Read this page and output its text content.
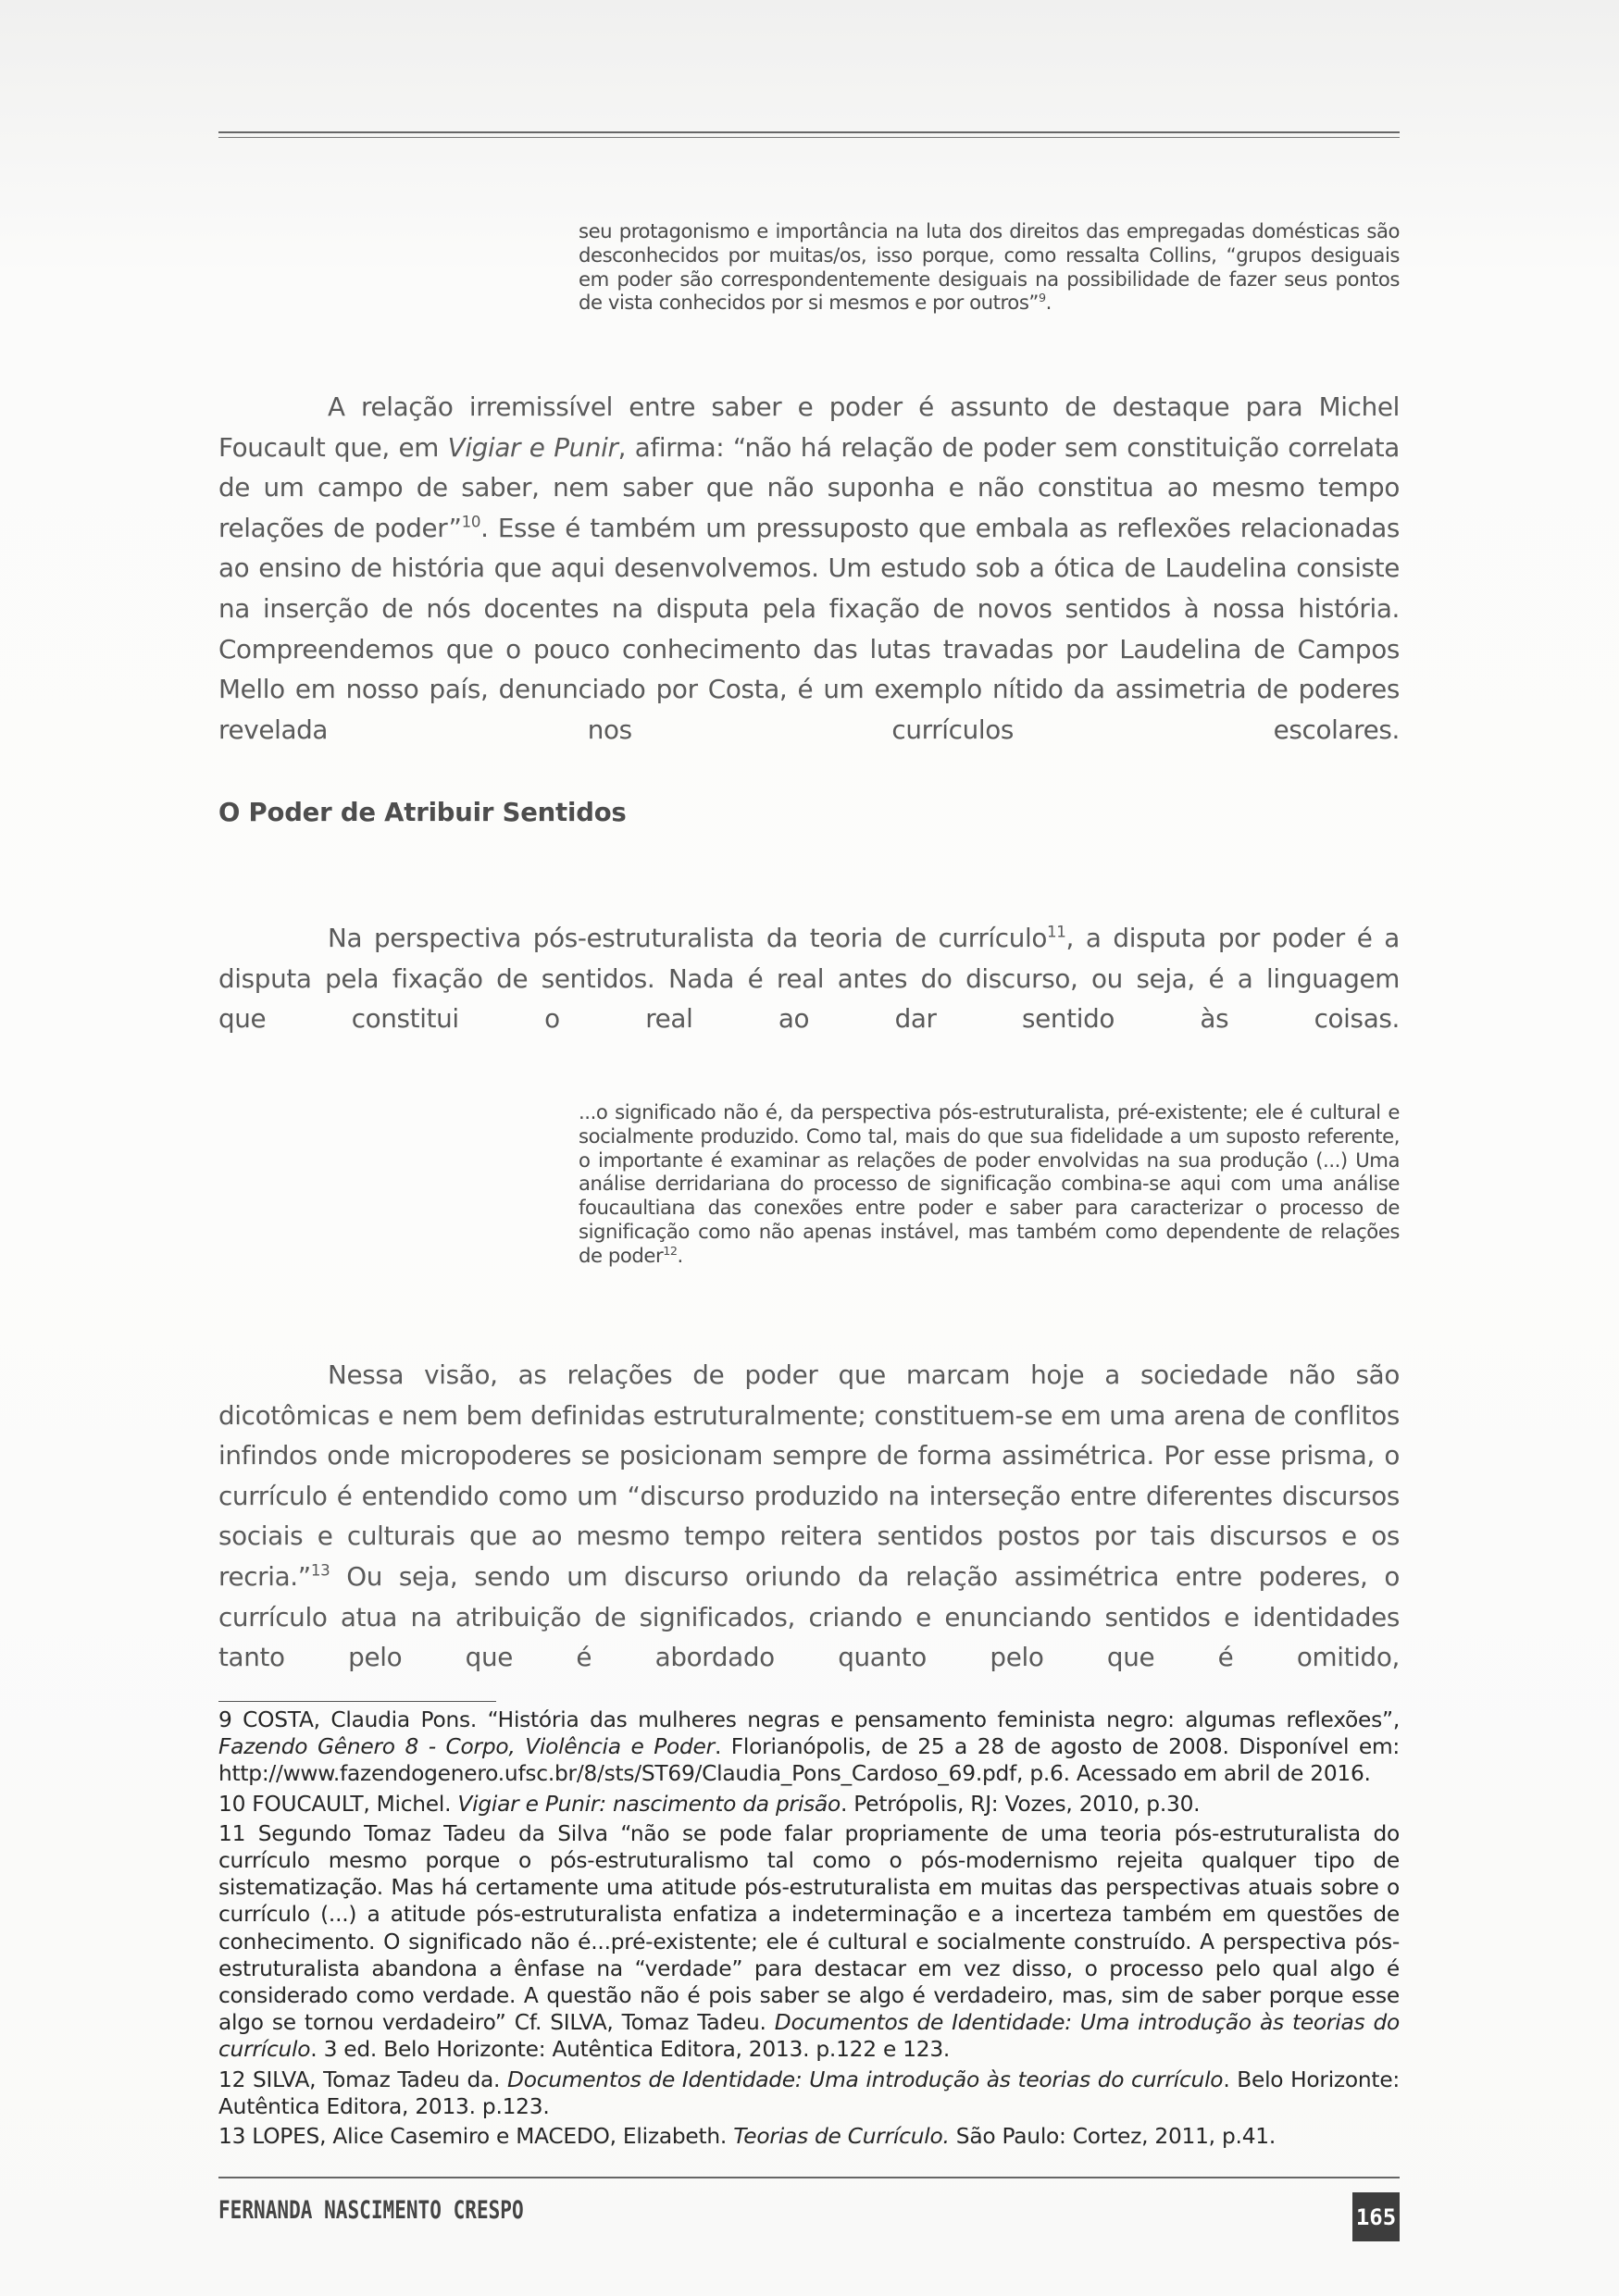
seu protagonismo e importância na luta dos direitos das empregadas domésticas são desconhecidos por muitas/os, isso porque, como ressalta Collins, “grupos desiguais em poder são correspondentemente desiguais na possibilidade de fazer seus pontos de vista conhecidos por si mesmos e por outros”$^9$.
A relação irremissível entre saber e poder é assunto de destaque para Michel Foucault que, em Vigiar e Punir, afirma: “não há relação de poder sem constituição correlata de um campo de saber, nem saber que não suponha e não constitua ao mesmo tempo relações de poder”$^{10}$. Esse é também um pressuposto que embala as reflexões relacionadas ao ensino de história que aqui desenvolvemos. Um estudo sob a ótica de Laudelina consiste na inserção de nós docentes na disputa pela fixação de novos sentidos à nossa história. Compreendemos que o pouco conhecimento das lutas travadas por Laudelina de Campos Mello em nosso país, denunciado por Costa, é um exemplo nítido da assimetria de poderes revelada nos currículos escolares.
O Poder de Atribuir Sentidos
Na perspectiva pós-estruturalista da teoria de currículo$^{11}$, a disputa por poder é a disputa pela fixação de sentidos. Nada é real antes do discurso, ou seja, é a linguagem que constitui o real ao dar sentido às coisas.
...o significado não é, da perspectiva pós-estruturalista, pré-existente; ele é cultural e socialmente produzido. Como tal, mais do que sua fidelidade a um suposto referente, o importante é examinar as relações de poder envolvidas na sua produção (...) Uma análise derridariana do processo de significação combina-se aqui com uma análise foucaultiana das conexões entre poder e saber para caracterizar o processo de significação como não apenas instável, mas também como dependente de relações de poder$^{12}$.
Nessa visão, as relações de poder que marcam hoje a sociedade não são dicotômicas e nem bem definidas estruturalmente; constituem-se em uma arena de conflitos infindos onde micropoderes se posicionam sempre de forma assimétrica. Por esse prisma, o currículo é entendido como um “discurso produzido na interseção entre diferentes discursos sociais e culturais que ao mesmo tempo reitera sentidos postos por tais discursos e os recria.”$^{13}$ Ou seja, sendo um discurso oriundo da relação assimétrica entre poderes, o currículo atua na atribuição de significados, criando e enunciando sentidos e identidades tanto pelo que é abordado quanto pelo que é omitido,

9 COSTA, Claudia Pons. “História das mulheres negras e pensamento feminista negro: algumas reflexões”, Fazendo Gênero 8 - Corpo, Violência e Poder. Florianópolis, de 25 a 28 de agosto de 2008. Disponível em: http://www.fazendogenero.ufsc.br/8/sts/ST69/Claudia_Pons_Cardoso_69.pdf, p.6. Acessado em abril de 2016.

10 FOUCAULT, Michel. Vigiar e Punir: nascimento da prisão. Petrópolis, RJ: Vozes, 2010, p.30.

11 Segundo Tomaz Tadeu da Silva “não se pode falar propriamente de uma teoria pós-estruturalista do currículo mesmo porque o pós-estruturalismo tal como o pós-modernismo rejeita qualquer tipo de sistematização. Mas há certamente uma atitude pós-estruturalista em muitas das perspectivas atuais sobre o currículo (...) a atitude pós-estruturalista enfatiza a indeterminação e a incerteza também em questões de conhecimento. O significado não é...pré-existente; ele é cultural e socialmente construído. A perspectiva pós-estruturalista abandona a ênfase na “verdade” para destacar em vez disso, o processo pelo qual algo é considerado como verdade. A questão não é pois saber se algo é verdadeiro, mas, sim de saber porque esse algo se tornou verdadeiro” Cf. SILVA, Tomaz Tadeu. Documentos de Identidade: Uma introdução às teorias do currículo. 3 ed. Belo Horizonte: Autêntica Editora, 2013. p.122 e 123.

12 SILVA, Tomaz Tadeu da. Documentos de Identidade: Uma introdução às teorias do currículo. Belo Horizonte: Autêntica Editora, 2013. p.123.

13 LOPES, Alice Casemiro e MACEDO, Elizabeth. Teorias de Currículo. São Paulo: Cortez, 2011, p.41.

FERNANDA NASCIMENTO CRESPO	165
